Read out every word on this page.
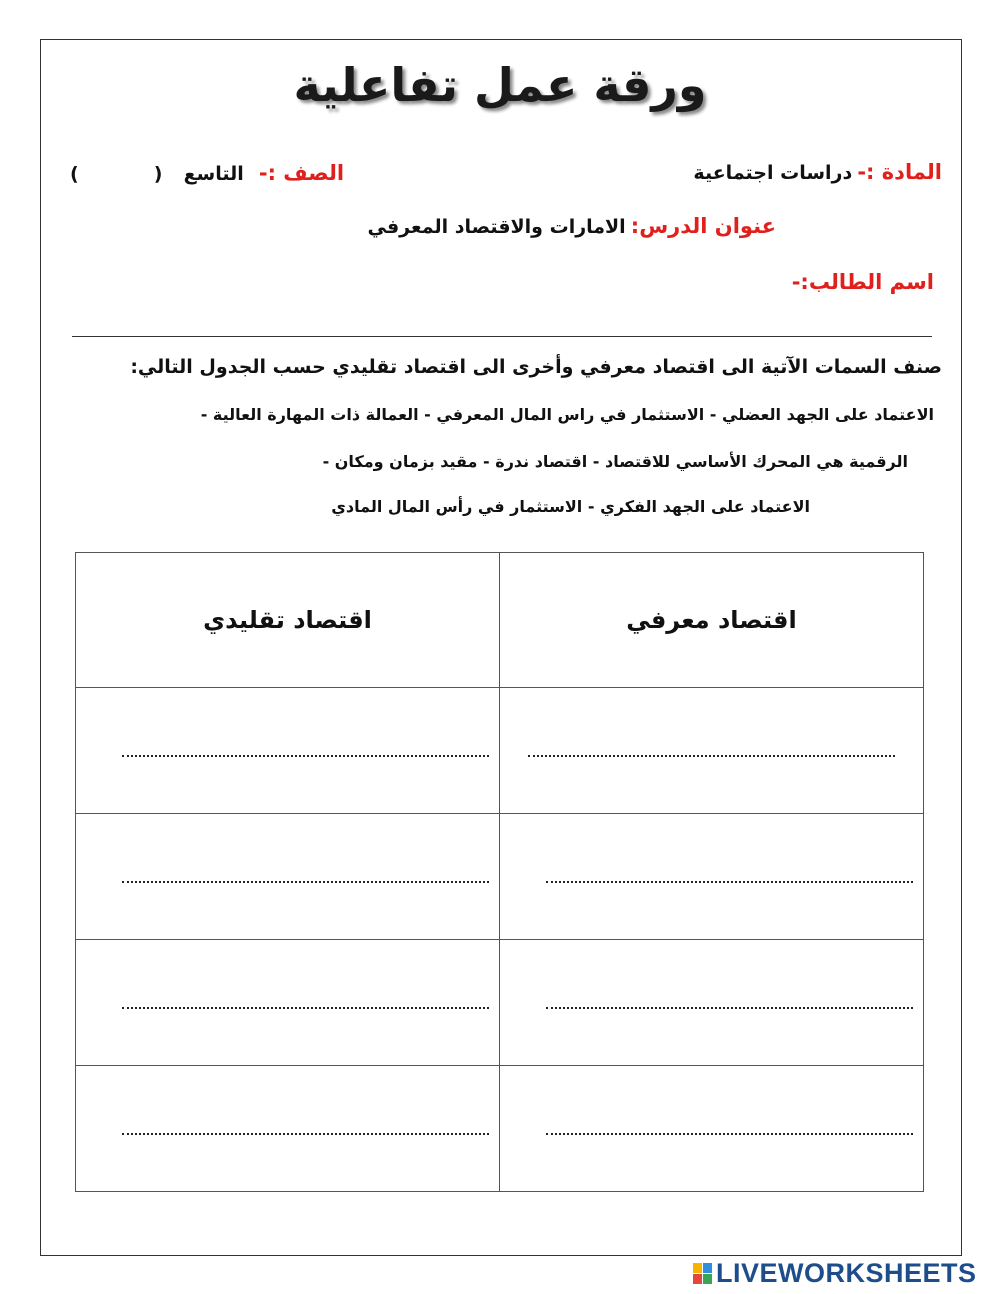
ورقة عمل تفاعلية
المادة :- دراسات اجتماعية
الصف :- التاسع ( )
عنوان الدرس: الامارات والاقتصاد المعرفي
اسم الطالب:-
صنف السمات الآتية الى اقتصاد معرفي وأخرى الى اقتصاد تقليدي حسب الجدول التالي:
الاعتماد على الجهد العضلي - الاستثمار في راس المال المعرفي - العمالة ذات المهارة العالية -
الرقمية هي المحرك الأساسي للاقتصاد - اقتصاد ندرة - مقيد بزمان ومكان -
الاعتماد على الجهد الفكري - الاستثمار في رأس المال المادي
اقتصاد تقليدي	اقتصاد معرفي

LIVEWORKSHEETS
